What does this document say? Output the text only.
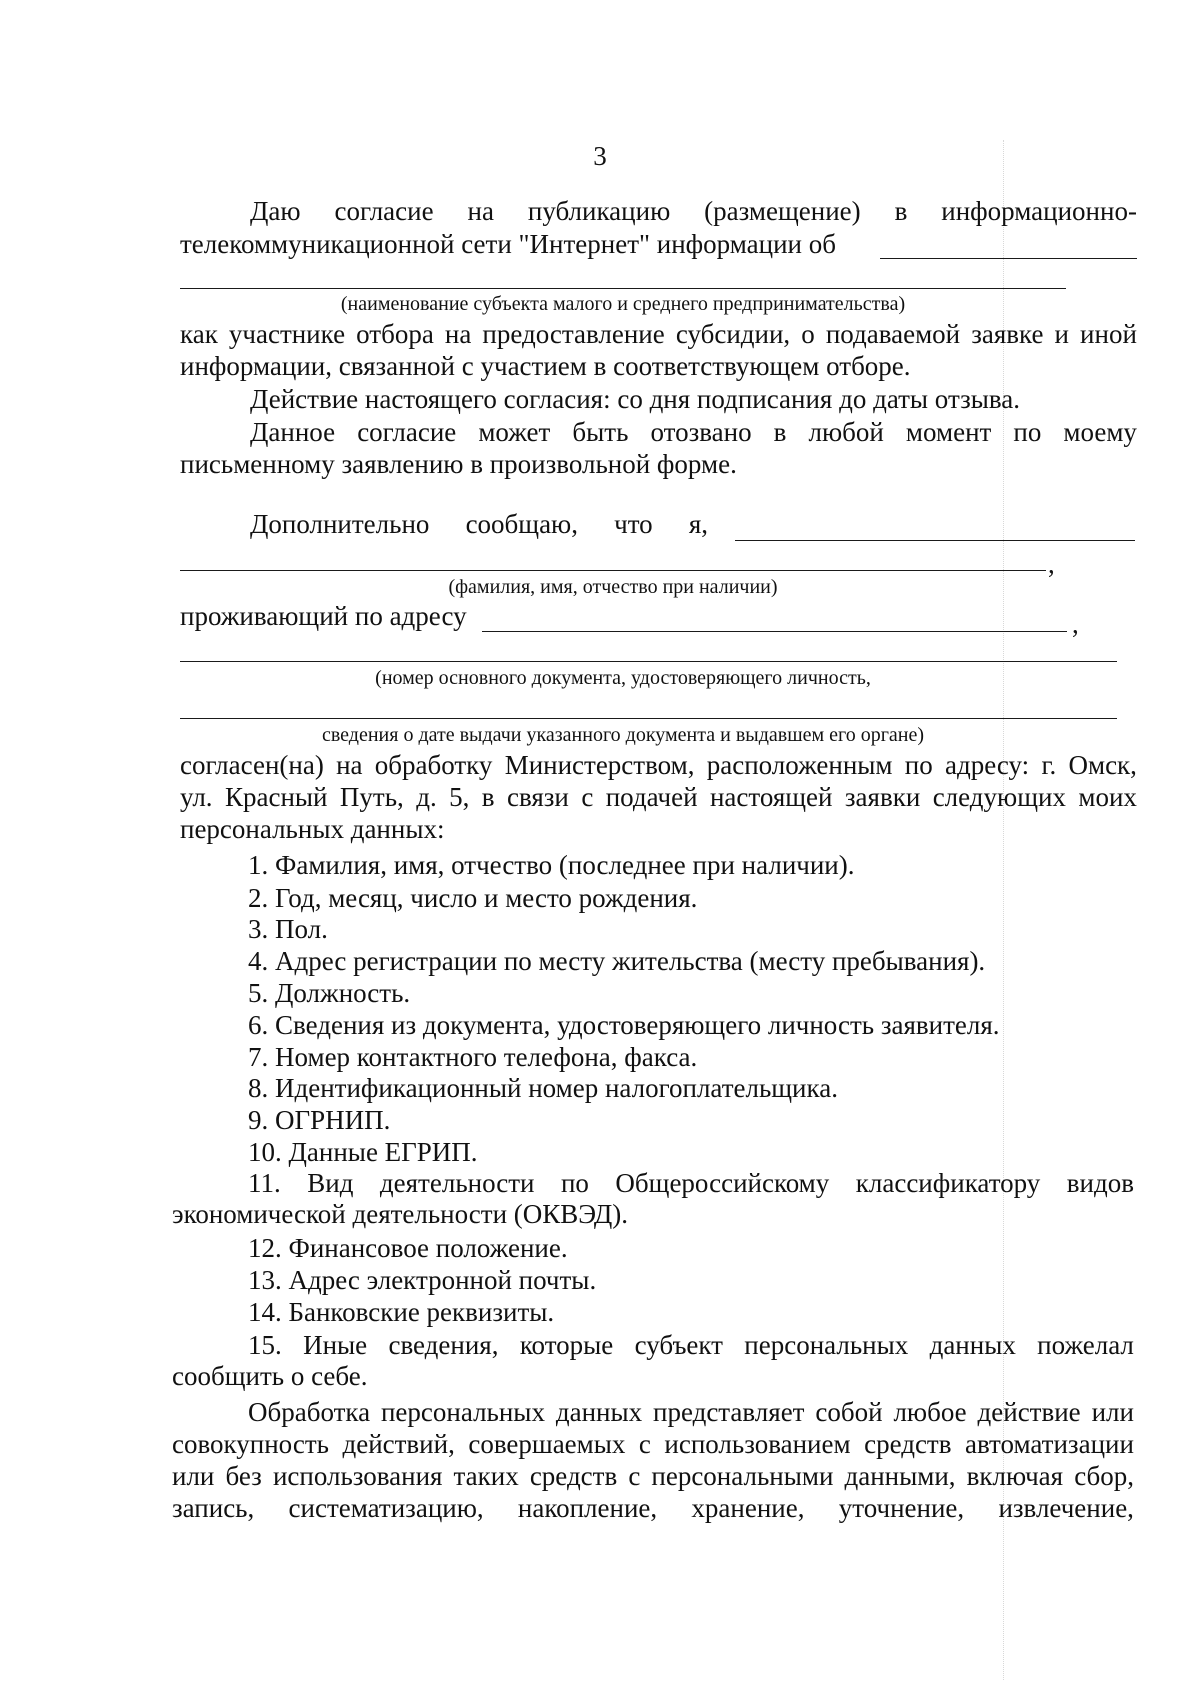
3
Даю согласие на публикацию (размещение) в информационно-
телекоммуникационной сети "Интернет" информации об
(наименование субъекта малого и среднего предпринимательства)
как участнике отбора на предоставление субсидии, о подаваемой заявке и иной
информации, связанной с участием в соответствующем отборе.
Действие настоящего согласия: со дня подписания до даты отзыва.
Данное согласие может быть отозвано в любой момент по моему
письменному заявлению в произвольной форме.
Дополнительно сообщаю, что я,
,
(фамилия, имя, отчество при наличии)
проживающий по адресу	,
(номер основного документа, удостоверяющего личность,
сведения о дате выдачи указанного документа и выдавшем его органе)
согласен(на) на обработку Министерством, расположенным по адресу: г. Омск,
ул. Красный Путь, д. 5, в связи с подачей настоящей заявки следующих моих
персональных данных:
1. Фамилия, имя, отчество (последнее при наличии).
2. Год, месяц, число и место рождения.
3. Пол.
4. Адрес регистрации по месту жительства (месту пребывания).
5. Должность.
6. Сведения из документа, удостоверяющего личность заявителя.
7. Номер контактного телефона, факса.
8. Идентификационный номер налогоплательщика.
9. ОГРНИП.
10. Данные ЕГРИП.
11. Вид деятельности по Общероссийскому классификатору видов
экономической деятельности (ОКВЭД).
12. Финансовое положение.
13. Адрес электронной почты.
14. Банковские реквизиты.
15. Иные сведения, которые субъект персональных данных пожелал
сообщить о себе.
Обработка персональных данных представляет собой любое действие или
совокупность действий, совершаемых с использованием средств автоматизации
или без использования таких средств с персональными данными, включая сбор,
запись, систематизацию, накопление, хранение, уточнение, извлечение,
